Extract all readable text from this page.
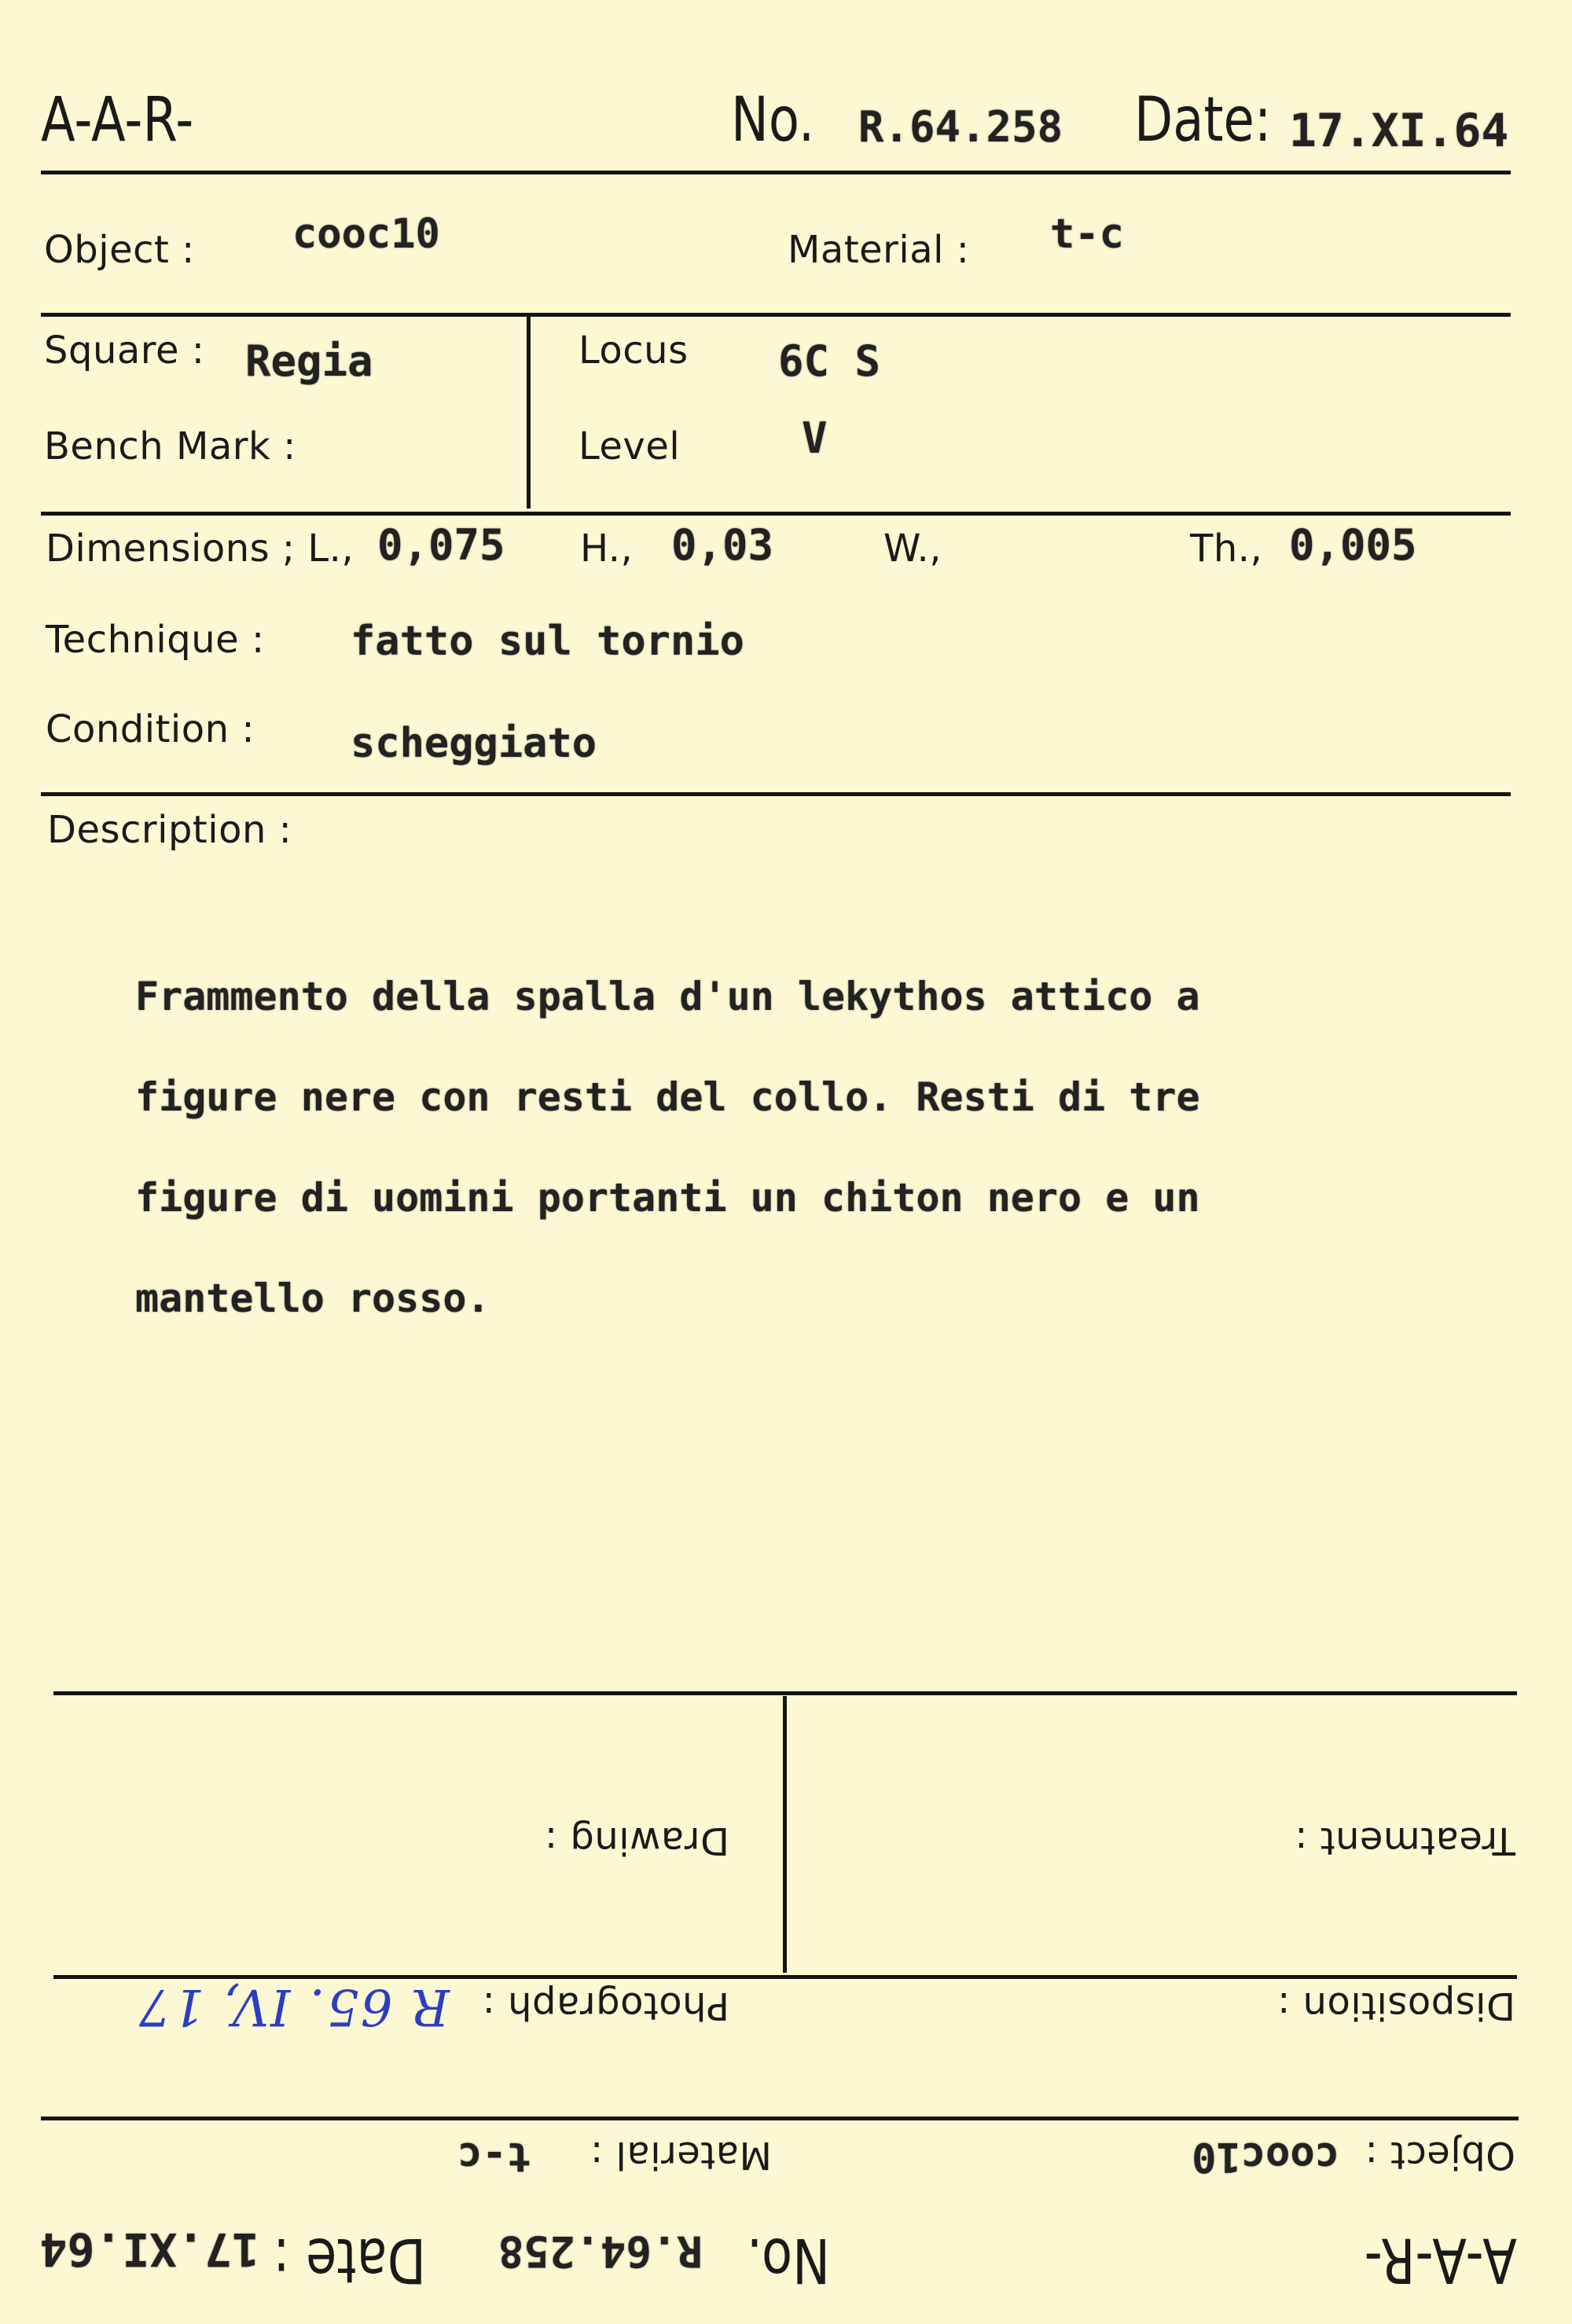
A-A-R-	No. R.64.258 Date: 17.XI.64
Object : cooc10	Material : t-c
Square : Regia
Bench Mark :
Locus 6C S
Level	V
Dimensions ; L., 0,075 H., 0,03	W.,	Th., 0,005
Technique : fatto sul tornio
Condition : scheggiato
Description :

Frammento della spalla d'un lekythos attico a

figure nere con resti del collo. Resti di tre

figure di uomini portanti un chiton nero e un

mantello rosso.

A-A-R-
No.
R.64.258
Date :
17.XI.64
Object :
cooc10
Material :
t-c
Disposition :
Photograph :
R 65. IV, 17
Treatment :
Drawing :
